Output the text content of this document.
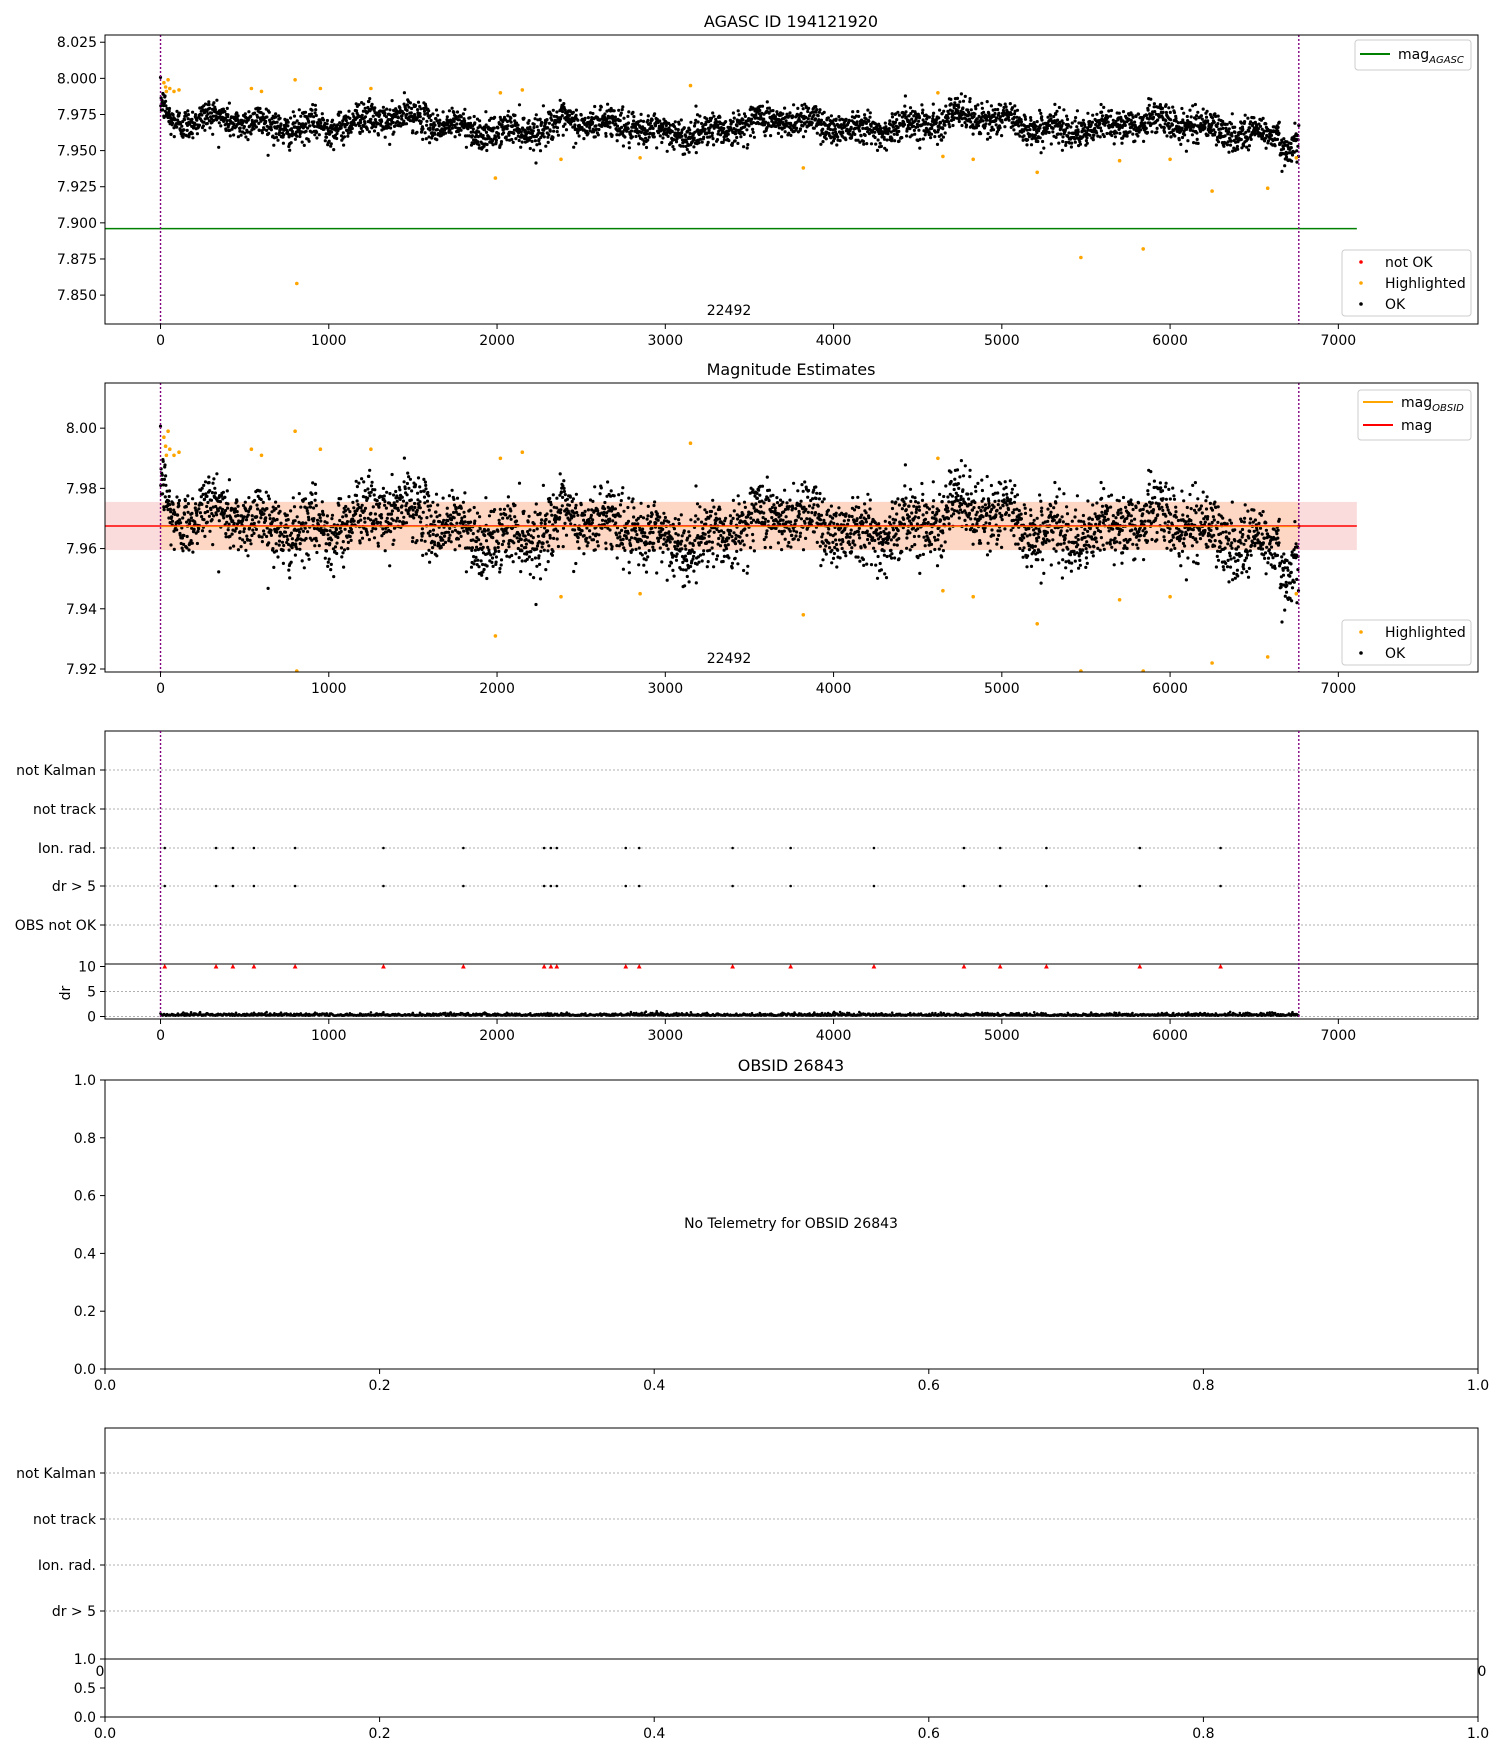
AGASC ID 194121920
0	1000	2000	3000	4000	5000	6000	7000
7.850
7.875
7.900
7.925
7.950
7.975
8.000
8.025
22492
mag$_{AGASC}$
not OK
Highlighted
OK
Magnitude Estimates
0	1000	2000	3000	4000	5000	6000	7000
7.92
7.94
7.96
7.98
8.00
22492
mag$_{OBSID}$
mag
Highlighted
OK
not Kalman
not track
Ion. rad.
dr > 5
OBS not OK
0	1000	2000	3000	4000	5000	6000	7000
0
5
10
dr
OBSID 26843
No Telemetry for OBSID 26843
0.0	0.2	0.4	0.6	0.8	1.0
0.0
0.2
0.4
0.6
0.8
1.0
not Kalman
not track
Ion. rad.
dr > 5
0.0	0.2	0.4	0.6	0.8	1.0
0.0
0.5
1.0
0	0
